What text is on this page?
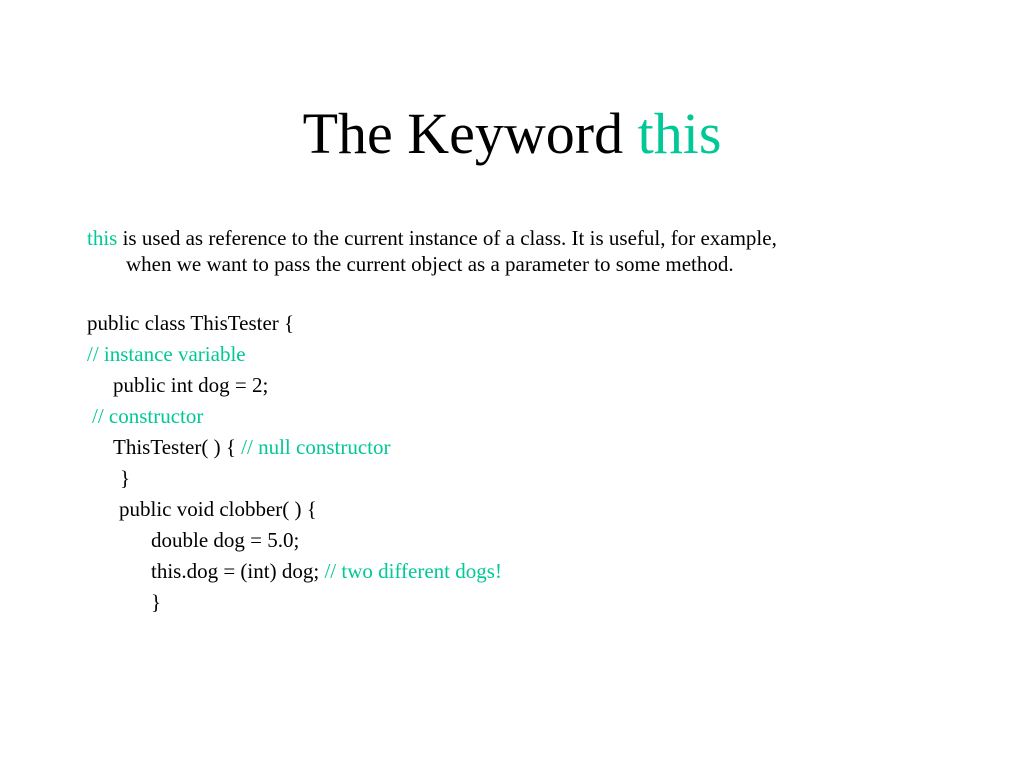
The Keyword this
this is used as reference to the current instance of a class. It is useful, for example,
when we want to pass the current object as a parameter to some method.
public class ThisTester {
// instance variable
public int dog = 2;
// constructor
ThisTester( ) { // null constructor
}
public void clobber( ) {
double dog = 5.0;
this.dog = (int) dog; // two different dogs!
}
